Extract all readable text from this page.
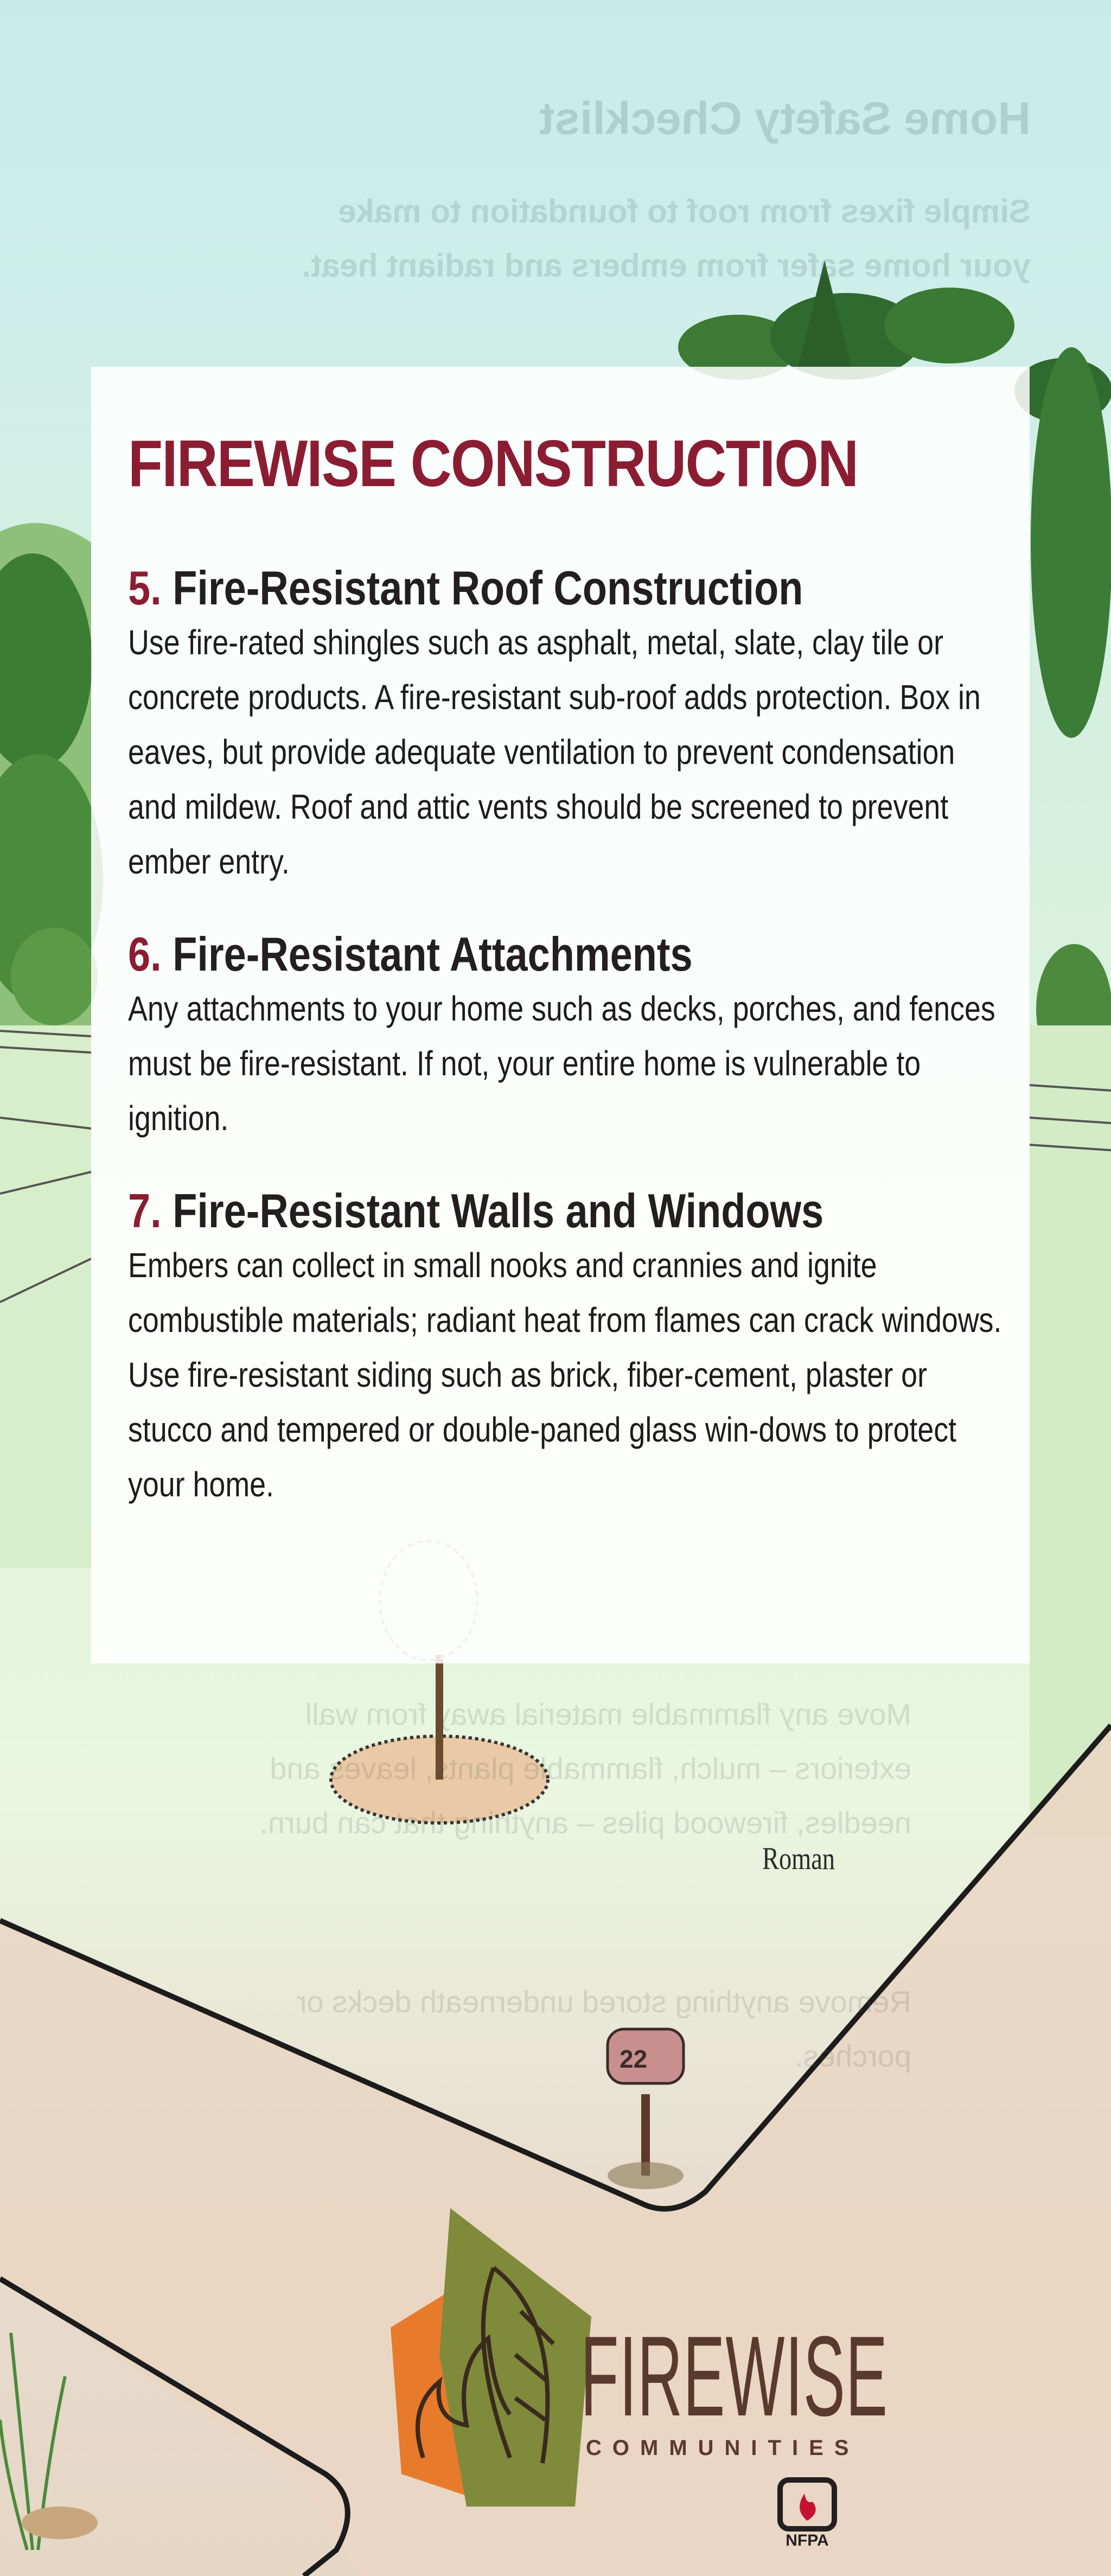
Home Safety Checklist
Simple fixes from roof to foundation to make your home safer from embers and radiant heat.
Move any flammable material away from wall exteriors – mulch, flammable plants, leaves and needles, firewood piles – anything that can burn.
Remove anything stored underneath decks or porches.
22
Roman
FIREWISE CONSTRUCTION
5. Fire-Resistant Roof Construction
Use fire-rated shingles such as asphalt, metal, slate, clay tile or concrete products. A fire-resistant sub-roof adds protection. Box in eaves, but provide adequate ventilation to prevent condensation and mildew. Roof and attic vents should be screened to prevent ember entry.
6. Fire-Resistant Attachments
Any attachments to your home such as decks, porches, and fences must be fire-resistant. If not, your entire home is vulnerable to ignition.
7. Fire-Resistant Walls and Windows
Embers can collect in small nooks and crannies and ignite combustible materials; radiant heat from flames can crack windows. Use fire-resistant siding such as brick, fiber-cement, plaster or stucco and tempered or double-paned glass win-dows to protect your home.
FIREWISE
COMMUNITIES
NFPA
